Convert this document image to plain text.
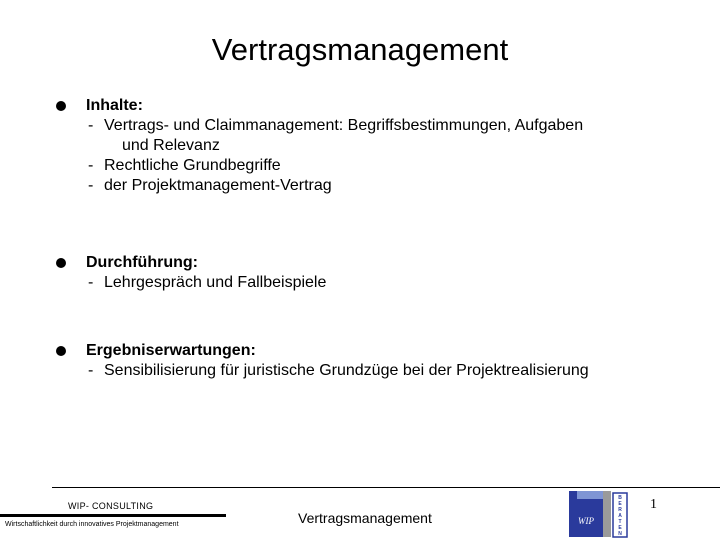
Vertragsmanagement
Inhalte:
- Vertrags- und Claimmanagement: Begriffsbestimmungen, Aufgaben
und Relevanz
- Rechtliche Grundbegriffe
- der Projektmanagement-Vertrag
Durchführung:
- Lehrgespräch und Fallbeispiele
Ergebniserwartungen:
- Sensibilisierung für juristische Grundzüge bei der Projektrealisierung
WIP- CONSULTING
Wirtschaftlichkeit durch innovatives Projektmanagement	Vertragsmanagement
1
WIP
B
E
R
A
T
E
N
